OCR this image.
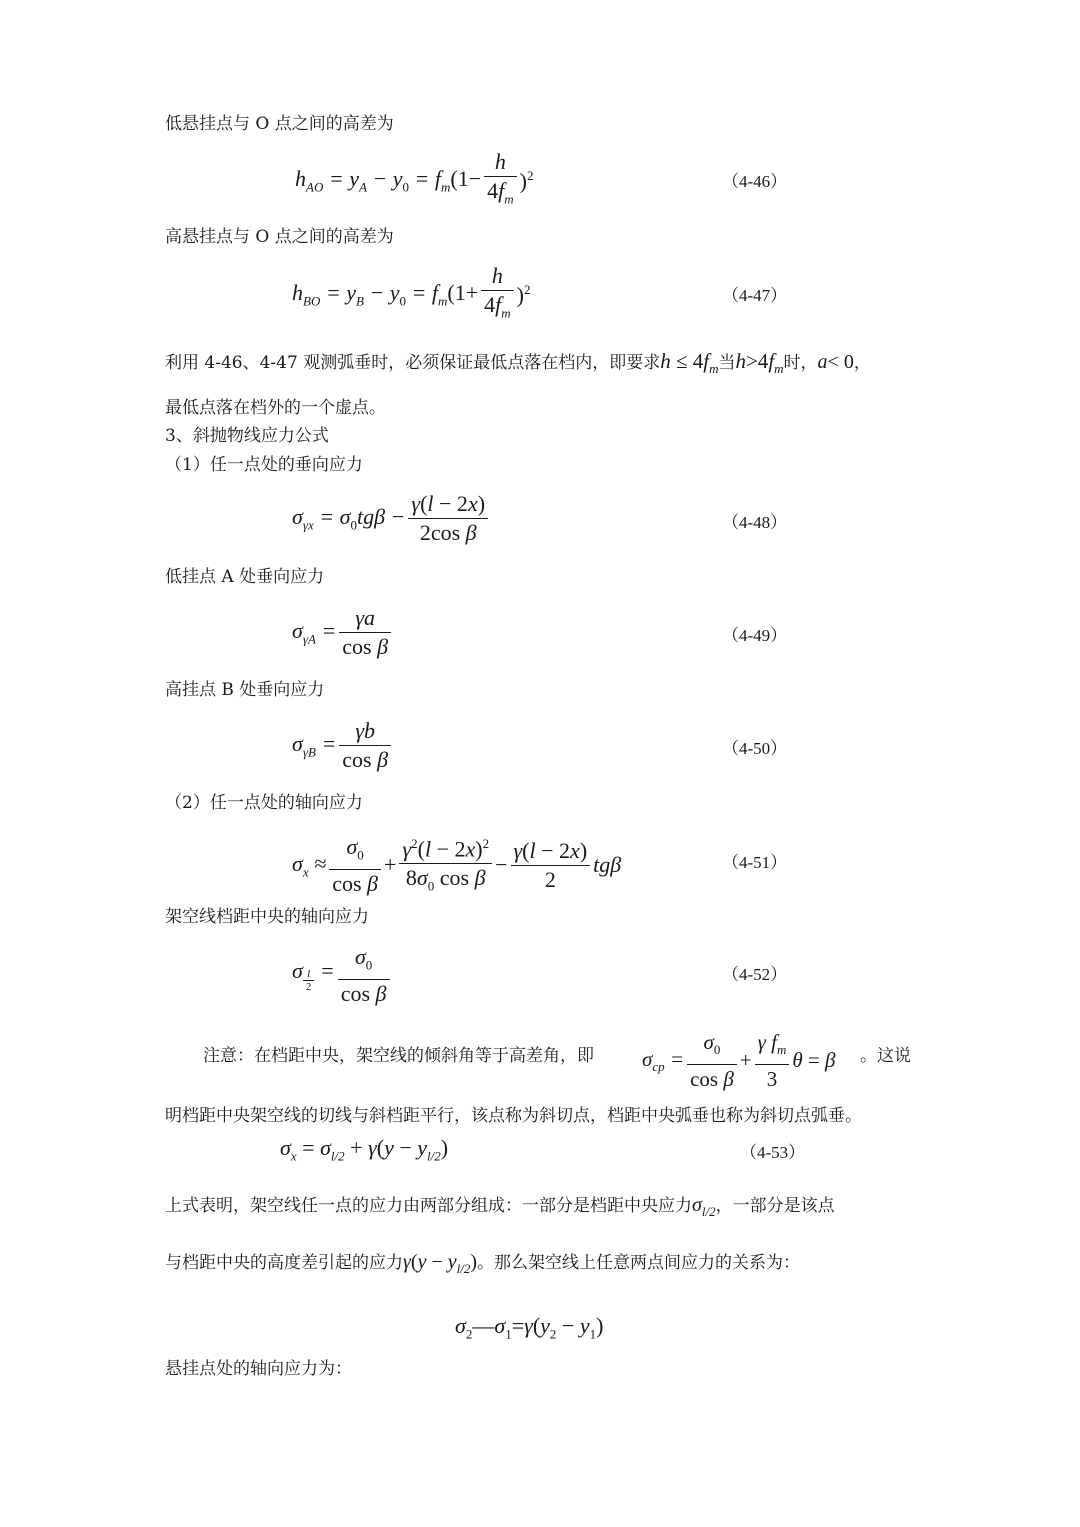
低悬挂点与 O 点之间的高差为
$h_{AO} = y_A - y_0 = f_m(1- \frac{h}{4f_m} )^2$	（4-46）
高悬挂点与 O 点之间的高差为
$h_{BO} = y_B - y_0 = f_m(1+ \frac{h}{4f_m} )^2$	（4-47）
利用 4-46、4-47 观测弧垂时，必须保证最低点落在档内，即要求$h \le 4f_m$当$h>4f_m$时，a< 0，
最低点落在档外的一个虚点。
3、斜抛物线应力公式
（1）任一点处的垂向应力
$\sigma_{\gamma x} = \sigma_0tg\beta - \frac{\gamma(l - 2x)}{\text{2cos β}}$	（4-48）
低挂点 A 处垂向应力
$\sigma_{\gamma A} = \frac{\gamma a}{\text{cos β}}$	（4-49）
高挂点 B 处垂向应力
$\sigma_{\gamma B} = \frac{\gamma b}{\text{cos β}}$	（4-50）
（2）任一点处的轴向应力
$\sigma_x \approx \frac{\sigma_0}{\text{cos β}} + \frac{\gamma^2(l - 2x)^2}{8\sigma_0 \cos \beta} - \frac{\gamma(l - 2x)}{2}$ tgβ	（4-51）
架空线档距中央的轴向应力
σ $_{\frac{l}{2}} = \frac{\sigma_0}{\text{cos β}}$	（4-52）
注意：在档距中央，架空线的倾斜角等于高差角，即 $\sigma_{cp} = \frac{\sigma_0}{\text{cos β}} + \frac{\gamma f_m}{3}$ θ = β 。这说
明档距中央架空线的切线与斜档距平行，该点称为斜切点，档距中央弧垂也称为斜切点弧垂。
$\sigma_x = \sigma_{l/2} + \gamma(y - y_{l/2})$	（4-53）
上式表明，架空线任一点的应力由两部分组成：一部分是档距中央应力$\sigma_{l/2}$，一部分是该点
与档距中央的高度差引起的应力$\gamma(y - y_{l/2})$。那么架空线上任意两点间应力的关系为：
$\sigma_2—\sigma_1=\gamma(y_2 - y_1)$
悬挂点处的轴向应力为：
